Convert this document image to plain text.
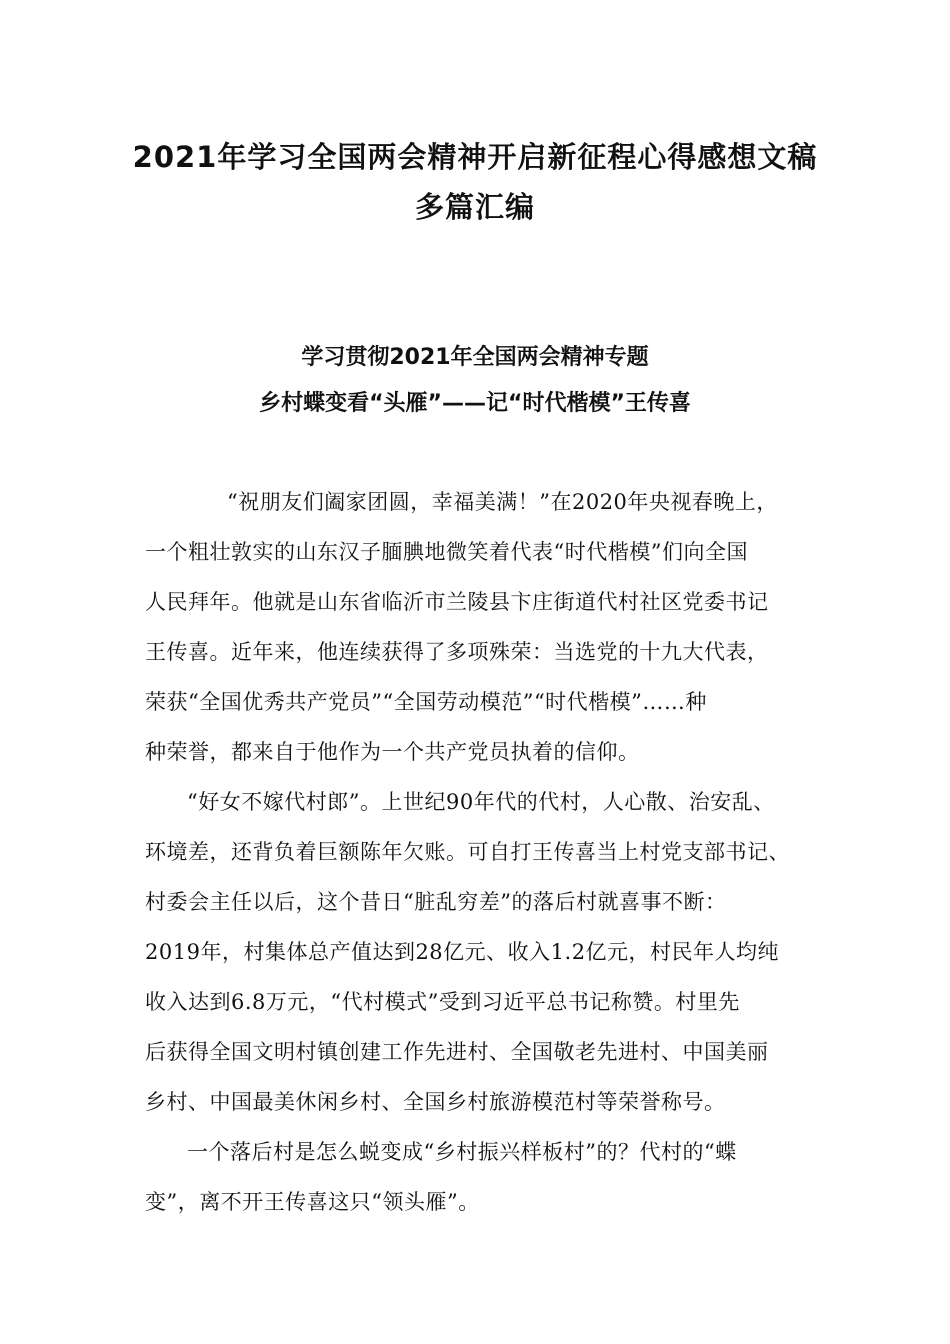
2021年学习全国两会精神开启新征程心得感想文稿
多篇汇编
学习贯彻2021年全国两会精神专题
乡村蝶变看“头雁”——记“时代楷模”王传喜
“祝朋友们阖家团圆，幸福美满！”在2020年央视春晚上，
一个粗壮敦实的山东汉子腼腆地微笑着代表“时代楷模”们向全国
人民拜年。他就是山东省临沂市兰陵县卞庄街道代村社区党委书记
王传喜。近年来，他连续获得了多项殊荣：当选党的十九大代表，
荣获“全国优秀共产党员”“全国劳动模范”“时代楷模”……种
种荣誉，都来自于他作为一个共产党员执着的信仰。
“好女不嫁代村郎”。上世纪90年代的代村，人心散、治安乱、
环境差，还背负着巨额陈年欠账。可自打王传喜当上村党支部书记、
村委会主任以后，这个昔日“脏乱穷差”的落后村就喜事不断：
2019年，村集体总产值达到28亿元、收入1.2亿元，村民年人均纯
收入达到6.8万元，“代村模式”受到习近平总书记称赞。村里先
后获得全国文明村镇创建工作先进村、全国敬老先进村、中国美丽
乡村、中国最美休闲乡村、全国乡村旅游模范村等荣誉称号。
一个落后村是怎么蜕变成“乡村振兴样板村”的？代村的“蝶
变”，离不开王传喜这只“领头雁”。
